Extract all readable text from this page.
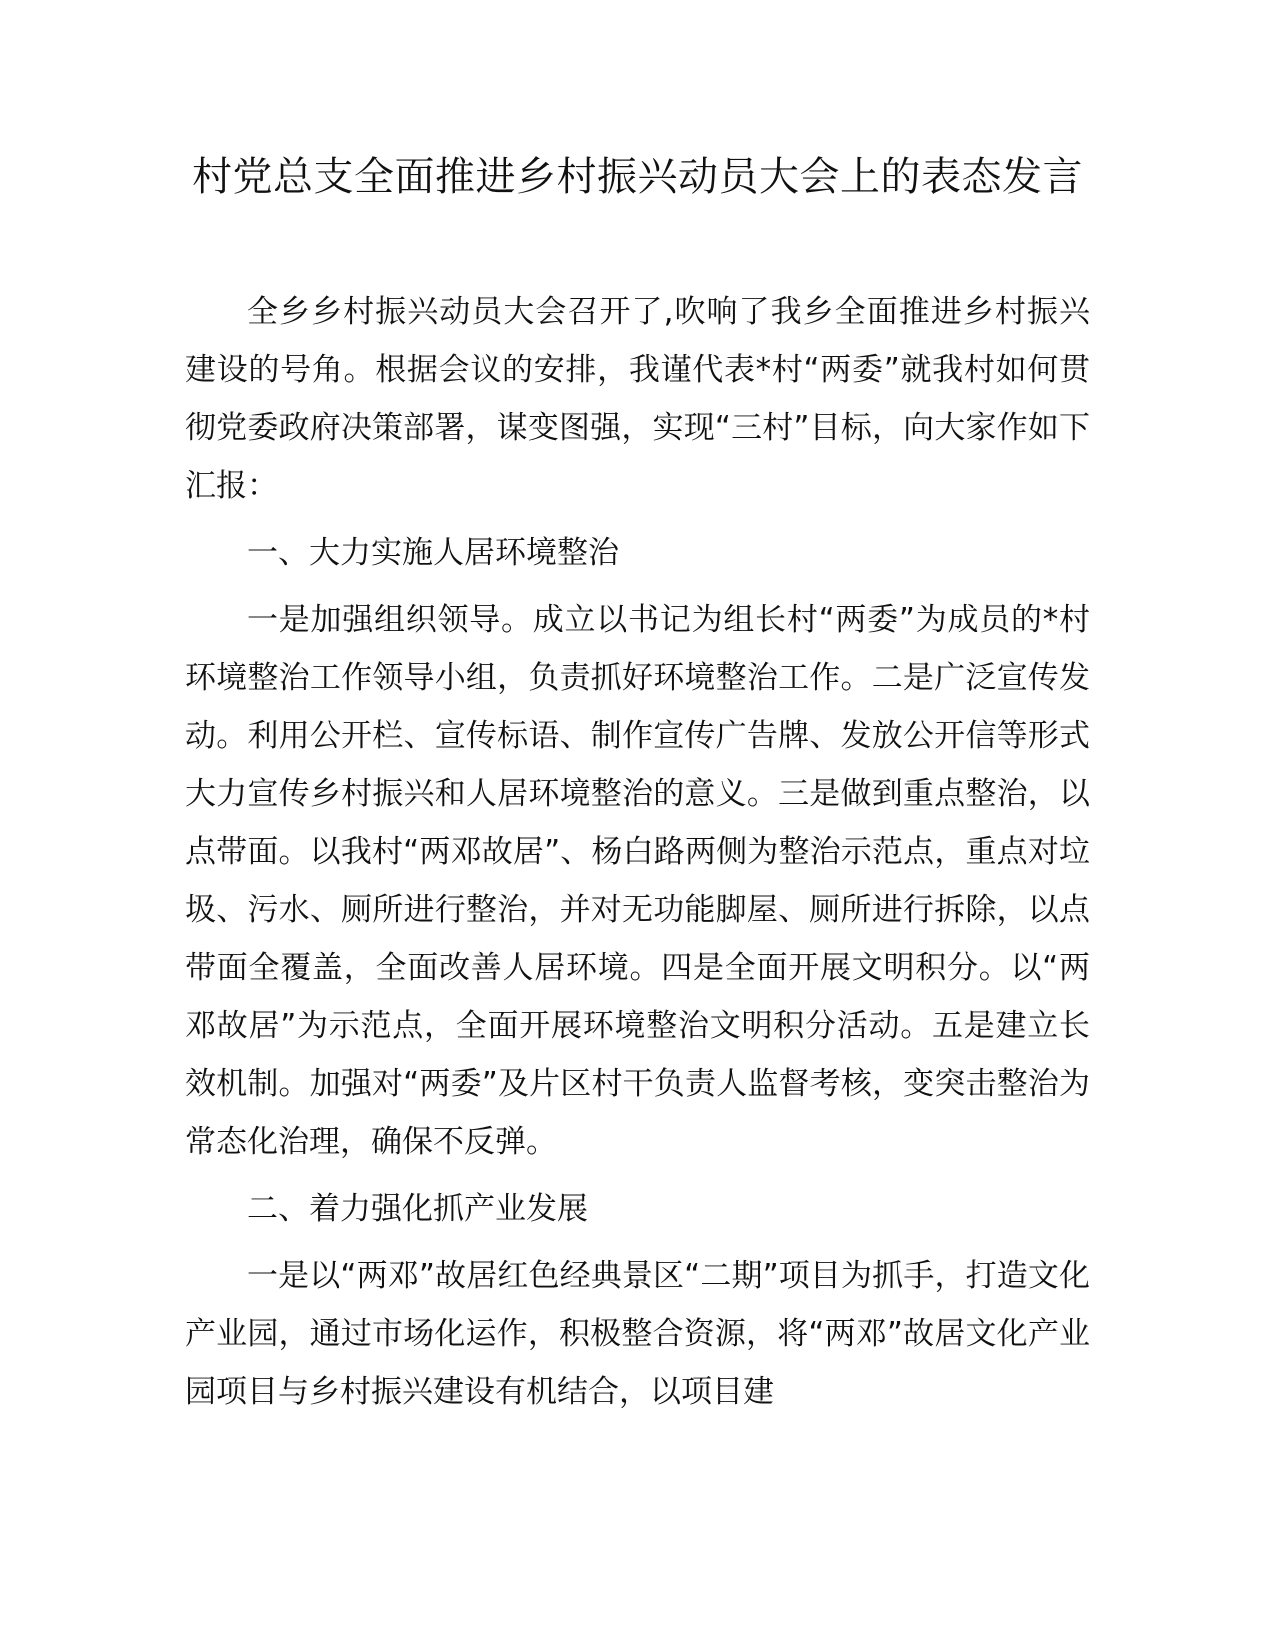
村党总支全面推进乡村振兴动员大会上的表态发言

全乡乡村振兴动员大会召开了,吹响了我乡全面推进乡村振兴建设的号角。根据会议的安排，我谨代表*村“两委”就我村如何贯彻党委政府决策部署，谋变图强，实现“三村”目标，向大家作如下汇报：

一、大力实施人居环境整治

一是加强组织领导。成立以书记为组长村“两委”为成员的*村环境整治工作领导小组，负责抓好环境整治工作。二是广泛宣传发动。利用公开栏、宣传标语、制作宣传广告牌、发放公开信等形式大力宣传乡村振兴和人居环境整治的意义。三是做到重点整治，以点带面。以我村“两邓故居”、杨白路两侧为整治示范点，重点对垃圾、污水、厕所进行整治，并对无功能脚屋、厕所进行拆除，以点带面全覆盖，全面改善人居环境。四是全面开展文明积分。以“两邓故居”为示范点，全面开展环境整治文明积分活动。五是建立长效机制。加强对“两委”及片区村干负责人监督考核，变突击整治为常态化治理，确保不反弹。

二、着力强化抓产业发展

一是以“两邓”故居红色经典景区“二期”项目为抓手，打造文化产业园，通过市场化运作，积极整合资源，将“两邓”故居文化产业园项目与乡村振兴建设有机结合，以项目建
